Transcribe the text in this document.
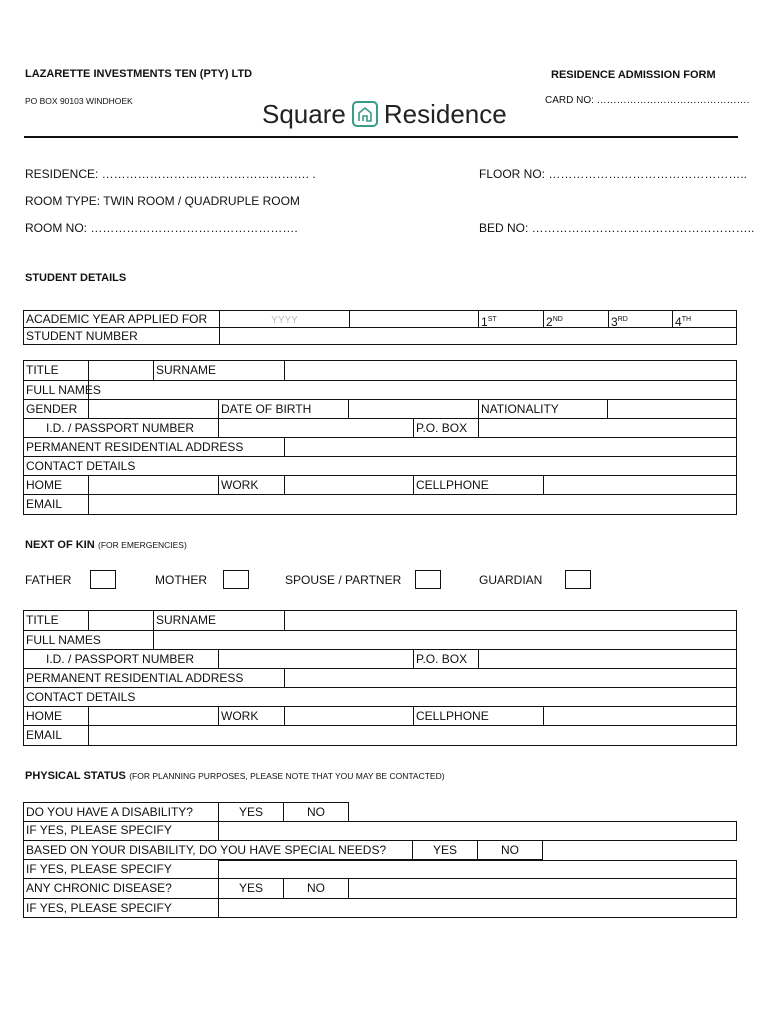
LAZARETTE INVESTMENTS TEN (PTY) LTD
PO BOX 90103 WINDHOEK
RESIDENCE ADMISSION FORM
CARD NO: ……………………………………….
Square Residence
RESIDENCE: ……………………………………………. .	FLOOR NO: …………………………………………..
ROOM TYPE: TWIN ROOM / QUADRUPLE ROOM
ROOM NO: …………………………………………….	BED NO: ………………………………………………..
STUDENT DETAILS
ACADEMIC YEAR APPLIED FOR	YYYY	1ST	2ND	3RD	4TH
STUDENT NUMBER
TITLE	SURNAME
FULL NAMES
GENDER	DATE OF BIRTH	NATIONALITY
I.D. / PASSPORT NUMBER	P.O. BOX
PERMANENT RESIDENTIAL ADDRESS
CONTACT DETAILS
HOME	WORK	CELLPHONE
EMAIL
NEXT OF KIN (FOR EMERGENCIES)
FATHER	MOTHER	SPOUSE / PARTNER	GUARDIAN
TITLE	SURNAME
FULL NAMES
I.D. / PASSPORT NUMBER	P.O. BOX
PERMANENT RESIDENTIAL ADDRESS
CONTACT DETAILS
HOME	WORK	CELLPHONE
EMAIL
PHYSICAL STATUS (FOR PLANNING PURPOSES, PLEASE NOTE THAT YOU MAY BE CONTACTED)
DO YOU HAVE A DISABILITY?	YES	NO
IF YES, PLEASE SPECIFY
BASED ON YOUR DISABILITY, DO YOU HAVE SPECIAL NEEDS?	YES	NO
IF YES, PLEASE SPECIFY
ANY CHRONIC DISEASE?	YES	NO
IF YES, PLEASE SPECIFY
